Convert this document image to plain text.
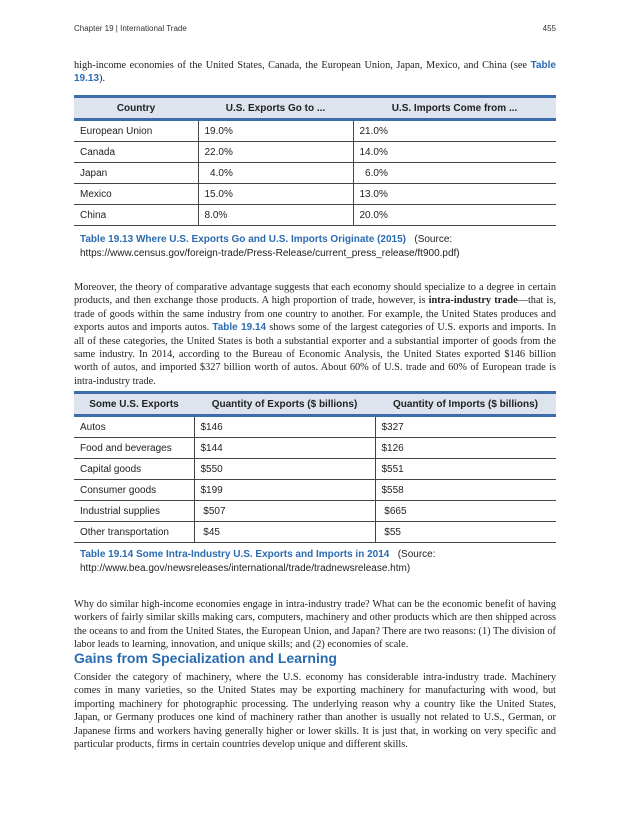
Chapter 19 | International Trade	455

high-income economies of the United States, Canada, the European Union, Japan, Mexico, and China (see Table 19.13).

Country	U.S. Exports Go to ...	U.S. Imports Come from ...
European Union	19.0%	21.0%
Canada	22.0%	14.0%
Japan	4.0%	6.0%
Mexico	15.0%	13.0%
China	8.0%	20.0%
Table 19.13 Where U.S. Exports Go and U.S. Imports Originate (2015) (Source: https://www.census.gov/foreign-trade/Press-Release/current_press_release/ft900.pdf)

Moreover, the theory of comparative advantage suggests that each economy should specialize to a degree in certain products, and then exchange those products. A high proportion of trade, however, is intra-industry trade—that is, trade of goods within the same industry from one country to another. For example, the United States produces and exports autos and imports autos. Table 19.14 shows some of the largest categories of U.S. exports and imports. In all of these categories, the United States is both a substantial exporter and a substantial importer of goods from the same industry. In 2014, according to the Bureau of Economic Analysis, the United States exported $146 billion worth of autos, and imported $327 billion worth of autos. About 60% of U.S. trade and 60% of European trade is intra-industry trade.

Some U.S. Exports	Quantity of Exports ($ billions)	Quantity of Imports ($ billions)
Autos	$146	$327
Food and beverages	$144	$126
Capital goods	$550	$551
Consumer goods	$199	$558
Industrial supplies	$507	$665
Other transportation	$45	$55
Table 19.14 Some Intra-Industry U.S. Exports and Imports in 2014 (Source: http://www.bea.gov/newsreleases/international/trade/tradnewsrelease.htm)

Why do similar high-income economies engage in intra-industry trade? What can be the economic benefit of having workers of fairly similar skills making cars, computers, machinery and other products which are then shipped across the oceans to and from the United States, the European Union, and Japan? There are two reasons: (1) The division of labor leads to learning, innovation, and unique skills; and (2) economies of scale.

Gains from Specialization and Learning

Consider the category of machinery, where the U.S. economy has considerable intra-industry trade. Machinery comes in many varieties, so the United States may be exporting machinery for manufacturing with wood, but importing machinery for photographic processing. The underlying reason why a country like the United States, Japan, or Germany produces one kind of machinery rather than another is usually not related to U.S., German, or Japanese firms and workers having generally higher or lower skills. It is just that, in working on very specific and particular products, firms in certain countries develop unique and different skills.
